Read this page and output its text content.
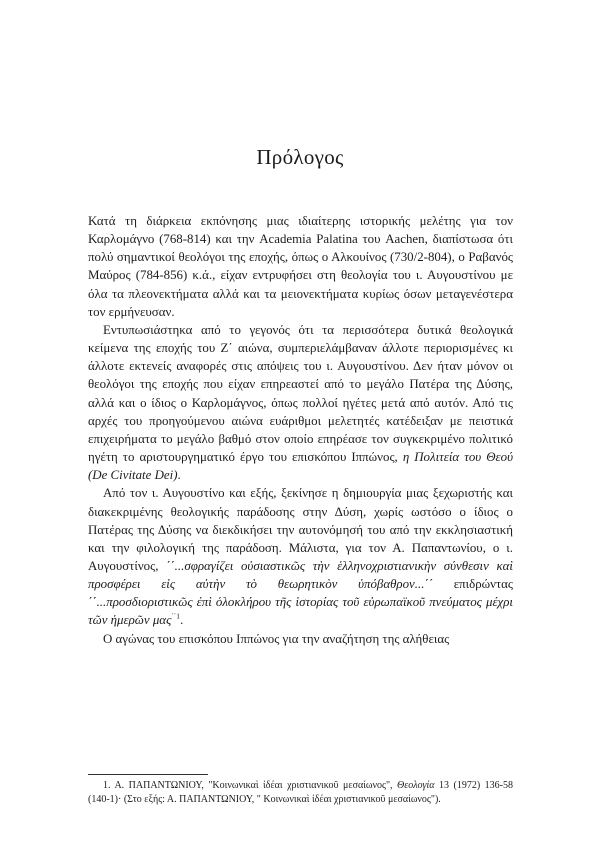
Πρόλογος

Κατά τη διάρκεια εκπόνησης μιας ιδιαίτερης ιστορικής μελέτης για τον Καρλομάγνο (768-814) και την Academia Palatina του Aachen, διαπίστωσα ότι πολύ σημαντικοί θεολόγοι της εποχής, όπως ο Αλκουίνος (730/2-804), ο Ραβανός Μαύρος (784-856) κ.ά., είχαν εντρυφήσει στη θεολογία του ι. Αυγουστίνου με όλα τα πλεονεκτήματα αλλά και τα μειονεκτήματα κυρίως όσων μεταγενέστερα τον ερμήνευσαν.

Εντυπωσιάστηκα από το γεγονός ότι τα περισσότερα δυτικά θεολογικά κείμενα της εποχής του Ζ΄ αιώνα, συμπεριελάμβαναν άλλοτε περιορισμένες κι άλλοτε εκτενείς αναφορές στις απόψεις του ι. Αυγουστίνου. Δεν ήταν μόνον οι θεολόγοι της εποχής που είχαν επηρεαστεί από το μεγάλο Πατέρα της Δύσης, αλλά και ο ίδιος ο Καρλομάγνος, όπως πολλοί ηγέτες μετά από αυτόν. Από τις αρχές του προηγούμενου αιώνα ευάριθμοι μελετητές κατέδειξαν με πειστικά επιχειρήματα το μεγάλο βαθμό στον οποίο επηρέασε τον συγκεκριμένο πολιτικό ηγέτη το αριστουργηματικό έργο του επισκόπου Ιππώνος, η Πολιτεία του Θεού (De Civitate Dei).

Από τον ι. Αυγουστίνο και εξής, ξεκίνησε η δημιουργία μιας ξεχωριστής και διακεκριμένης θεολογικής παράδοσης στην Δύση, χωρίς ωστόσο ο ίδιος ο Πατέρας της Δύσης να διεκδικήσει την αυτονόμησή του από την εκκλησιαστική και την φιλολογική της παράδοση. Μάλιστα, για τον Α. Παπαντωνίου, ο ι. Αυγουστίνος, ΄΄...σφραγίζει οὐσιαστικῶς τὴν ἑλληνοχριστιανικὴν σύνθεσιν καὶ προσφέρει εἰς αὐτὴν τὸ θεωρητικὸν ὑπόβαθρον...΄΄ επιδρώντας ΄΄...προσδιοριστικῶς ἐπὶ ὁλοκλήρου τῆς ἱστορίας τοῦ εὐρωπαϊκοῦ πνεύματος μέχρι τῶν ἡμερῶν μας$^{΄΄1}$.

Ο αγώνας του επισκόπου Ιππώνος για την αναζήτηση της αλήθειας

1. Α. ΠΑΠΑΝΤΩΝΙΟΥ, "Κοινωνικαὶ ἰδέαι χριστιανικοῦ μεσαίωνος", Θεολογία 13 (1972) 136-58 (140-1)· (Στο εξής: Α. ΠΑΠΑΝΤΩΝΙΟΥ, " Κοινωνικαὶ ἰδέαι χριστιανικοῦ μεσαίωνος").
